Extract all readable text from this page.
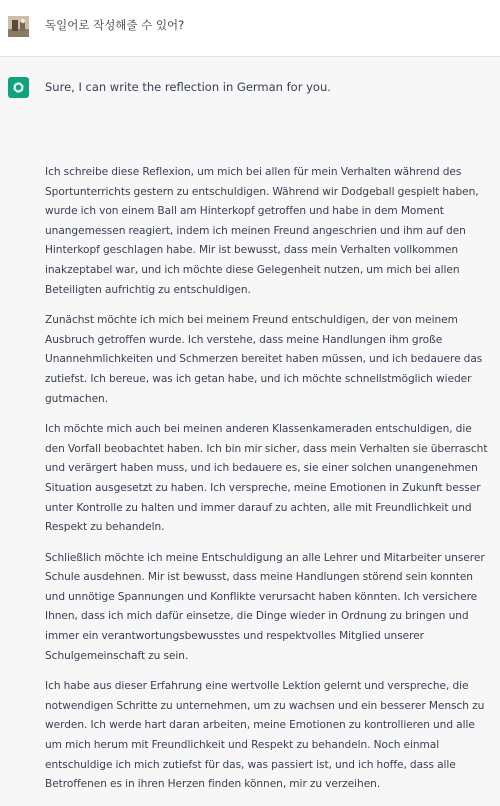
독일어로 작성해줄 수 있어?
Sure, I can write the reflection in German for you.

Ich schreibe diese Reflexion, um mich bei allen für mein Verhalten während des Sportunterrichts gestern zu entschuldigen. Während wir Dodgeball gespielt haben, wurde ich von einem Ball am Hinterkopf getroffen und habe in dem Moment unangemessen reagiert, indem ich meinen Freund angeschrien und ihm auf den Hinterkopf geschlagen habe. Mir ist bewusst, dass mein Verhalten vollkommen inakzeptabel war, und ich möchte diese Gelegenheit nutzen, um mich bei allen Beteiligten aufrichtig zu entschuldigen.

Zunächst möchte ich mich bei meinem Freund entschuldigen, der von meinem Ausbruch getroffen wurde. Ich verstehe, dass meine Handlungen ihm große Unannehmlichkeiten und Schmerzen bereitet haben müssen, und ich bedauere das zutiefst. Ich bereue, was ich getan habe, und ich möchte schnellstmöglich wieder gutmachen.

Ich möchte mich auch bei meinen anderen Klassenkameraden entschuldigen, die den Vorfall beobachtet haben. Ich bin mir sicher, dass mein Verhalten sie überrascht und verärgert haben muss, und ich bedauere es, sie einer solchen unangenehmen Situation ausgesetzt zu haben. Ich verspreche, meine Emotionen in Zukunft besser unter Kontrolle zu halten und immer darauf zu achten, alle mit Freundlichkeit und Respekt zu behandeln.

Schließlich möchte ich meine Entschuldigung an alle Lehrer und Mitarbeiter unserer Schule ausdehnen. Mir ist bewusst, dass meine Handlungen störend sein konnten und unnötige Spannungen und Konflikte verursacht haben könnten. Ich versichere Ihnen, dass ich mich dafür einsetze, die Dinge wieder in Ordnung zu bringen und immer ein verantwortungsbewusstes und respektvolles Mitglied unserer Schulgemeinschaft zu sein.

Ich habe aus dieser Erfahrung eine wertvolle Lektion gelernt und verspreche, die notwendigen Schritte zu unternehmen, um zu wachsen und ein besserer Mensch zu werden. Ich werde hart daran arbeiten, meine Emotionen zu kontrollieren und alle um mich herum mit Freundlichkeit und Respekt zu behandeln. Noch einmal entschuldige ich mich zutiefst für das, was passiert ist, und ich hoffe, dass alle Betroffenen es in ihren Herzen finden können, mir zu verzeihen.
